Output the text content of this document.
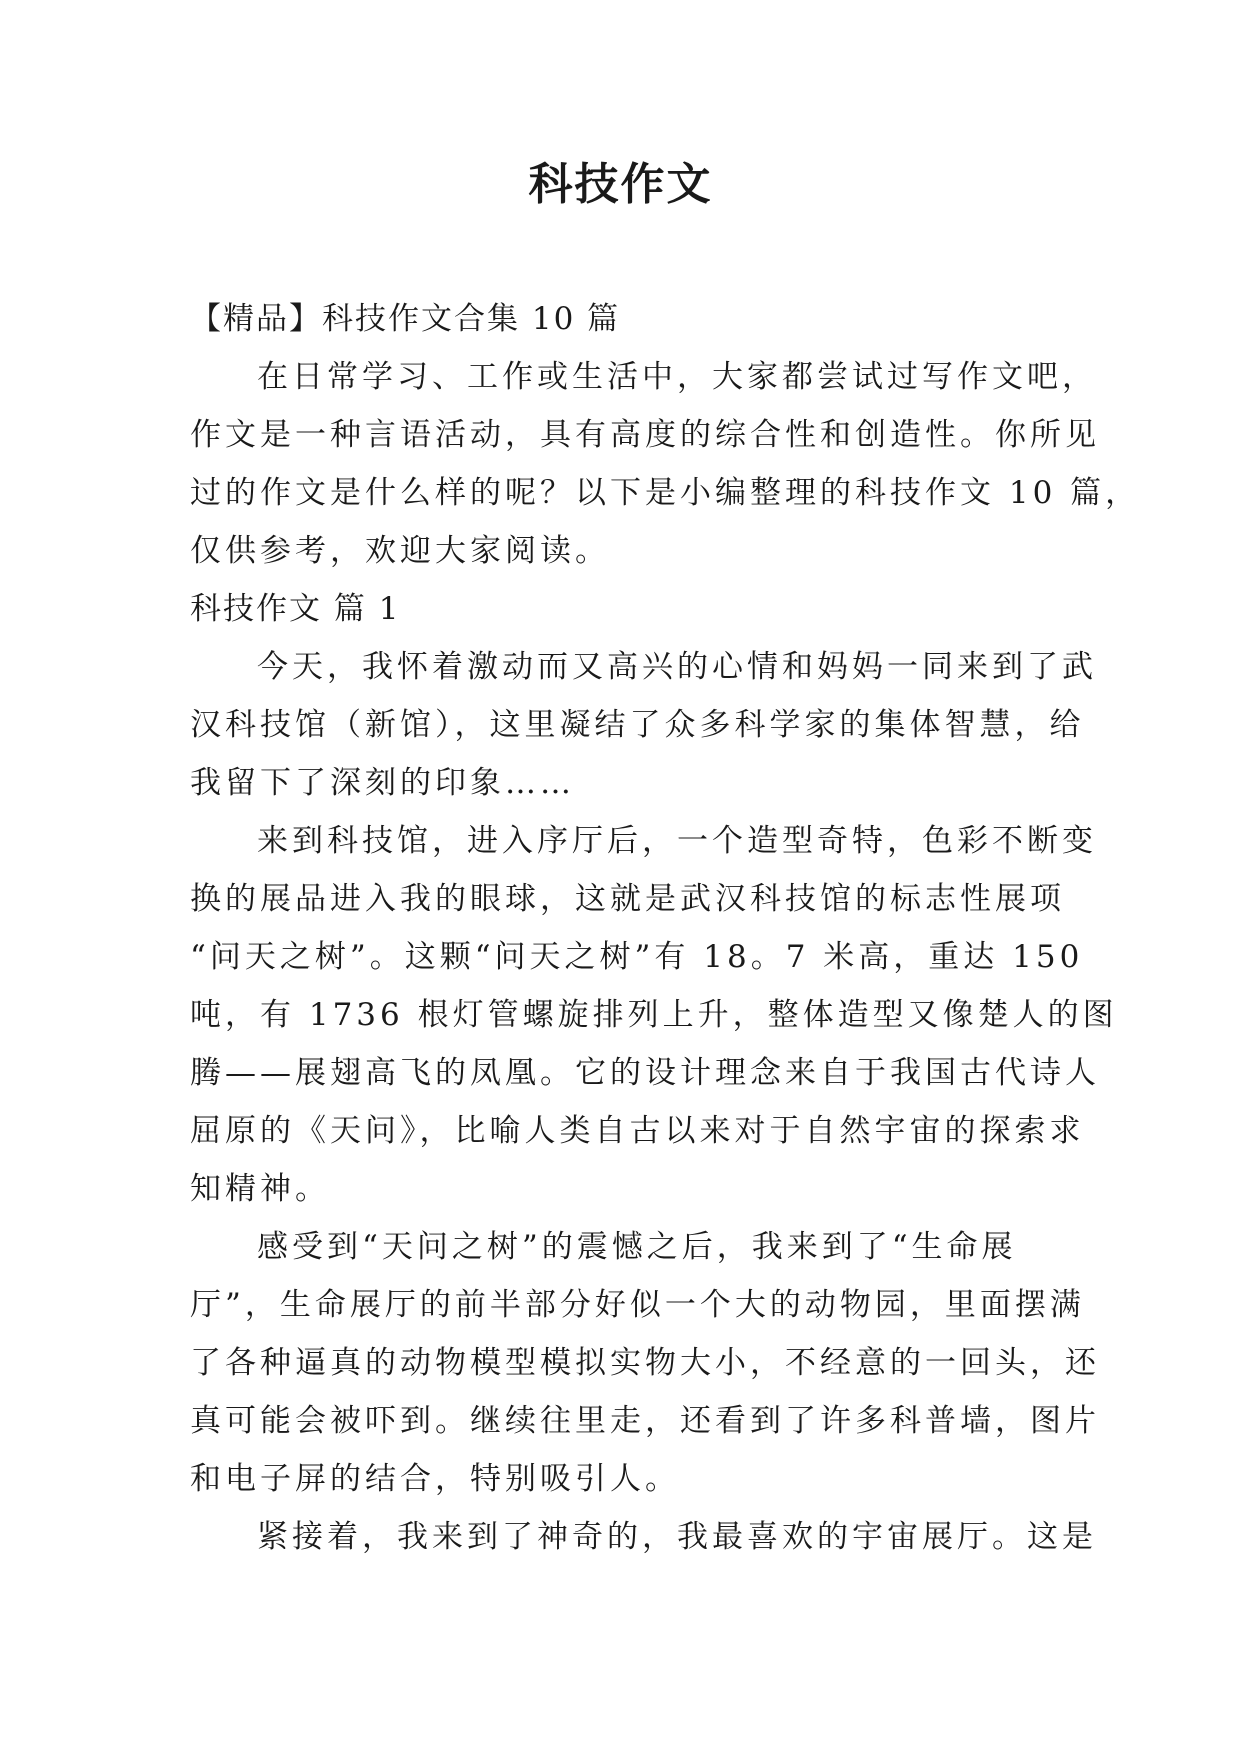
科技作文

【精品】科技作文合集 10 篇

在日常学习、工作或生活中，大家都尝试过写作文吧，

作文是一种言语活动，具有高度的综合性和创造性。你所见

过的作文是什么样的呢？以下是小编整理的科技作文 10 篇，

仅供参考，欢迎大家阅读。

科技作文 篇 1

今天，我怀着激动而又高兴的心情和妈妈一同来到了武

汉科技馆（新馆），这里凝结了众多科学家的集体智慧，给

我留下了深刻的印象……

来到科技馆，进入序厅后，一个造型奇特，色彩不断变

换的展品进入我的眼球，这就是武汉科技馆的标志性展项

“问天之树”。这颗“问天之树”有 18。7 米高，重达 150

吨，有 1736 根灯管螺旋排列上升，整体造型又像楚人的图

腾——展翅高飞的凤凰。它的设计理念来自于我国古代诗人

屈原的《天问》，比喻人类自古以来对于自然宇宙的探索求

知精神。

感受到“天问之树”的震憾之后，我来到了“生命展

厅”，生命展厅的前半部分好似一个大的动物园，里面摆满

了各种逼真的动物模型模拟实物大小，不经意的一回头，还

真可能会被吓到。继续往里走，还看到了许多科普墙，图片

和电子屏的结合，特别吸引人。

紧接着，我来到了神奇的，我最喜欢的宇宙展厅。这是
